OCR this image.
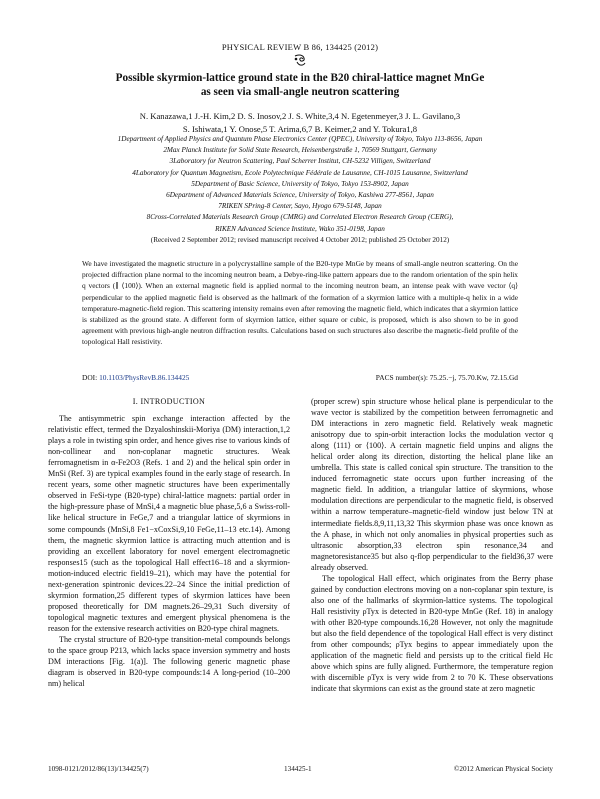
PHYSICAL REVIEW B 86, 134425 (2012)
Possible skyrmion-lattice ground state in the B20 chiral-lattice magnet MnGe
as seen via small-angle neutron scattering
N. Kanazawa,1 J.-H. Kim,2 D. S. Inosov,2 J. S. White,3,4 N. Egetenmeyer,3 J. L. Gavilano,3
S. Ishiwata,1 Y. Onose,5 T. Arima,6,7 B. Keimer,2 and Y. Tokura1,8
1Department of Applied Physics and Quantum Phase Electronics Center (QPEC), University of Tokyo, Tokyo 113-8656, Japan
2Max Planck Institute for Solid State Research, Heisenbergstraße 1, 70569 Stuttgart, Germany
3Laboratory for Neutron Scattering, Paul Scherrer Institut, CH-5232 Villigen, Switzerland
4Laboratory for Quantum Magnetism, Ecole Polytechnique Fédérale de Lausanne, CH-1015 Lausanne, Switzerland
5Department of Basic Science, University of Tokyo, Tokyo 153-8902, Japan
6Department of Advanced Materials Science, University of Tokyo, Kashiwa 277-8561, Japan
7RIKEN SPring-8 Center, Sayo, Hyogo 679-5148, Japan
8Cross-Correlated Materials Research Group (CMRG) and Correlated Electron Research Group (CERG),
RIKEN Advanced Science Institute, Wako 351-0198, Japan
(Received 2 September 2012; revised manuscript received 4 October 2012; published 25 October 2012)
We have investigated the magnetic structure in a polycrystalline sample of the B20-type MnGe by means of small-angle neutron scattering. On the projected diffraction plane normal to the incoming neutron beam, a Debye-ring-like pattern appears due to the random orientation of the spin helix q vectors (∥ ⟨100⟩). When an external magnetic field is applied normal to the incoming neutron beam, an intense peak with wave vector ⟨q⟩ perpendicular to the applied magnetic field is observed as the hallmark of the formation of a skyrmion lattice with a multiple-q helix in a wide temperature-magnetic-field region. This scattering intensity remains even after removing the magnetic field, which indicates that a skyrmion lattice is stabilized as the ground state. A different form of skyrmion lattice, either square or cubic, is proposed, which is also shown to be in good agreement with previous high-angle neutron diffraction results. Calculations based on such structures also describe the magnetic-field profile of the topological Hall resistivity.
DOI: 10.1103/PhysRevB.86.134425	PACS number(s): 75.25.−j, 75.70.Kw, 72.15.Gd
I. INTRODUCTION

The antisymmetric spin exchange interaction affected by the relativistic effect, termed the Dzyaloshinskii-Moriya (DM) interaction,1,2 plays a role in twisting spin order, and hence gives rise to various kinds of non-collinear and non-coplanar magnetic structures. Weak ferromagnetism in α-Fe2O3 (Refs. 1 and 2) and the helical spin order in MnSi (Ref. 3) are typical examples found in the early stage of research. In recent years, some other magnetic structures have been experimentally observed in FeSi-type (B20-type) chiral-lattice magnets: partial order in the high-pressure phase of MnSi,4 a magnetic blue phase,5,6 a Swiss-roll-like helical structure in FeGe,7 and a triangular lattice of skyrmions in some compounds (MnSi,8 Fe1−xCoxSi,9,10 FeGe,11–13 etc.14). Among them, the magnetic skyrmion lattice is attracting much attention and is providing an excellent laboratory for novel emergent electromagnetic responses15 (such as the topological Hall effect16–18 and a skyrmion-motion-induced electric field19–21), which may have the potential for next-generation spintronic devices.22–24 Since the initial prediction of skyrmion formation,25 different types of skyrmion lattices have been proposed theoretically for DM magnets.26–29,31 Such diversity of topological magnetic textures and emergent physical phenomena is the reason for the extensive research activities on B20-type chiral magnets.

The crystal structure of B20-type transition-metal compounds belongs to the space group P213, which lacks space inversion symmetry and hosts DM interactions [Fig. 1(a)]. The following generic magnetic phase diagram is observed in B20-type compounds:14 A long-period (10–200 nm) helical

(proper screw) spin structure whose helical plane is perpendicular to the wave vector is stabilized by the competition between ferromagnetic and DM interactions in zero magnetic field. Relatively weak magnetic anisotropy due to spin-orbit interaction locks the modulation vector q along ⟨111⟩ or ⟨100⟩. A certain magnetic field unpins and aligns the helical order along its direction, distorting the helical plane like an umbrella. This state is called conical spin structure. The transition to the induced ferromagnetic state occurs upon further increasing of the magnetic field. In addition, a triangular lattice of skyrmions, whose modulation directions are perpendicular to the magnetic field, is observed within a narrow temperature–magnetic-field window just below TN at intermediate fields.8,9,11,13,32 This skyrmion phase was once known as the A phase, in which not only anomalies in physical properties such as ultrasonic absorption,33 electron spin resonance,34 and magnetoresistance35 but also q-flop perpendicular to the field36,37 were already observed.

The topological Hall effect, which originates from the Berry phase gained by conduction electrons moving on a non-coplanar spin texture, is also one of the hallmarks of skyrmion-lattice systems. The topological Hall resistivity ρTyx is detected in B20-type MnGe (Ref. 18) in analogy with other B20-type compounds.16,28 However, not only the magnitude but also the field dependence of the topological Hall effect is very distinct from other compounds; ρTyx begins to appear immediately upon the application of the magnetic field and persists up to the critical field Hc above which spins are fully aligned. Furthermore, the temperature region with discernible ρTyx is very wide from 2 to 70 K. These observations indicate that skyrmions can exist as the ground state at zero magnetic

1098-0121/2012/86(13)/134425(7)	134425-1	©2012 American Physical Society
